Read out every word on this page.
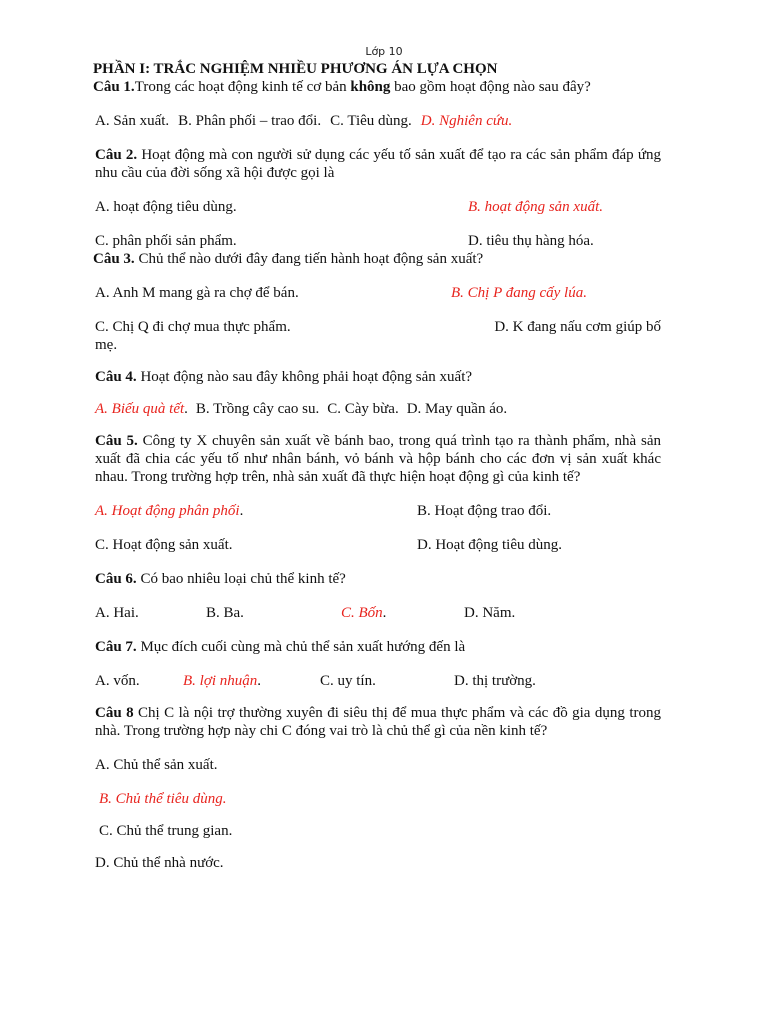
Lớp 10
PHẦN I: TRẮC NGHIỆM NHIỀU PHƯƠNG ÁN LỰA CHỌN
Câu 1.Trong các hoạt động kinh tế cơ bản không bao gồm hoạt động nào sau đây?
A. Sản xuất. B. Phân phối – trao đổi. C. Tiêu dùng. D. Nghiên cứu.
Câu 2. Hoạt động mà con người sử dụng các yếu tố sản xuất để tạo ra các sản phẩm đáp ứng nhu cầu của đời sống xã hội được gọi là
A. hoạt động tiêu dùng.	B. hoạt động sản xuất.
C. phân phối sản phẩm.	D. tiêu thụ hàng hóa.
Câu 3. Chủ thể nào dưới đây đang tiến hành hoạt động sản xuất?
A. Anh M mang gà ra chợ để bán.	B. Chị P đang cấy lúa.
C. Chị Q đi chợ mua thực phẩm.	D. K đang nấu cơm giúp bố
mẹ.
Câu 4. Hoạt động nào sau đây không phải hoạt động sản xuất?
A. Biếu quà tết. B. Trồng cây cao su. C. Cày bừa. D. May quần áo.
Câu 5. Công ty X chuyên sản xuất về bánh bao, trong quá trình tạo ra thành phẩm, nhà sản xuất đã chia các yếu tố như nhân bánh, vỏ bánh và hộp bánh cho các đơn vị sản xuất khác nhau. Trong trường hợp trên, nhà sản xuất đã thực hiện hoạt động gì của kinh tế?
A. Hoạt động phân phối.	B. Hoạt động trao đổi.
C. Hoạt động sản xuất.	D. Hoạt động tiêu dùng.
Câu 6. Có bao nhiêu loại chủ thể kinh tế?
A. Hai.	B. Ba.	C. Bốn.	D. Năm.
Câu 7. Mục đích cuối cùng mà chủ thể sản xuất hướng đến là
A. vốn.	B. lợi nhuận.	C. uy tín.	D. thị trường.
Câu 8 Chị C là nội trợ thường xuyên đi siêu thị để mua thực phẩm và các đồ gia dụng trong nhà. Trong trường hợp này chi C đóng vai trò là chủ thể gì của nền kinh tế?
A. Chủ thể sản xuất.
B. Chủ thể tiêu dùng.
C. Chủ thể trung gian.
D. Chủ thể nhà nước.
